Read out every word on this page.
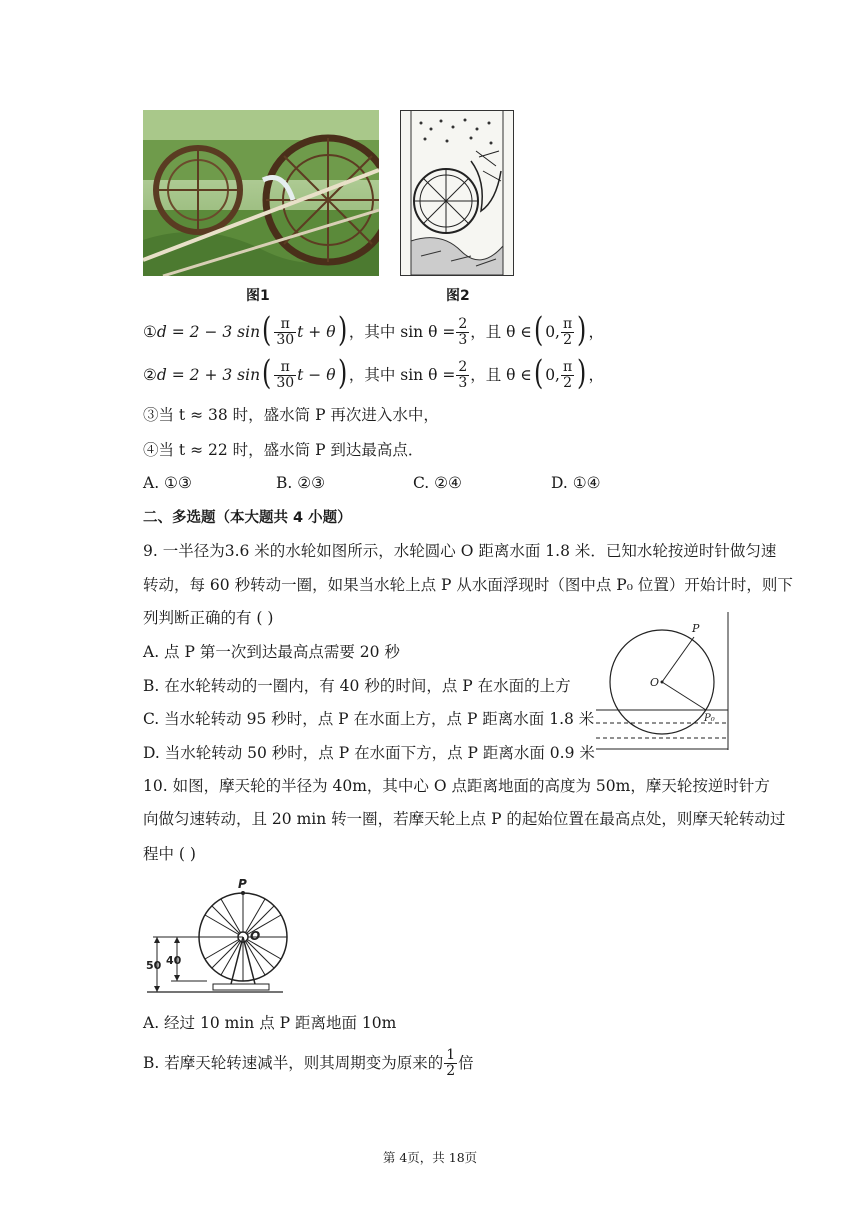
图1	图2
① d = 2 − 3 sin ( $\frac{\pi}{30}$ t + θ ) ，其中 $\sin \theta = \frac{2}{3}$ ，且 θ ∈ ( 0, $\frac{\pi}{2}$ ) ，
② d = 2 + 3 sin ( $\frac{\pi}{30}$ t − θ ) ，其中 $\sin \theta = \frac{2}{3}$ ，且 θ ∈ ( 0, $\frac{\pi}{2}$ ) ，
③当 t ≈ 38 时，盛水筒 P 再次进入水中，
④当 t ≈ 22 时，盛水筒 P 到达最高点．
A. ①③	B. ②③	C. ②④	D. ①④
二、多选题（本大题共 4 小题）
9. 一半径为3.6 米的水轮如图所示，水轮圆心 O 距离水面 1.8 米．已知水轮按逆时针做匀速
转动，每 60 秒转动一圈，如果当水轮上点 P 从水面浮现时（图中点 P₀ 位置）开始计时，则下
列判断正确的有 ( )
A. 点 P 第一次到达最高点需要 20 秒
B. 在水轮转动的一圈内，有 40 秒的时间，点 P 在水面的上方
C. 当水轮转动 95 秒时，点 P 在水面上方，点 P 距离水面 1.8 米
D. 当水轮转动 50 秒时，点 P 在水面下方，点 P 距离水面 0.9 米
P
O
P₀
10. 如图，摩天轮的半径为 40m，其中心 O 点距离地面的高度为 50m，摩天轮按逆时针方
向做匀速转动，且 20 min 转一圈，若摩天轮上点 P 的起始位置在最高点处，则摩天轮转动过
程中 ( )
P
O
50 40
A. 经过 10 min 点 P 距离地面 10m
B. 若摩天轮转速减半，则其周期变为原来的 $\frac{1}{2}$ 倍
第 4页，共 18页
